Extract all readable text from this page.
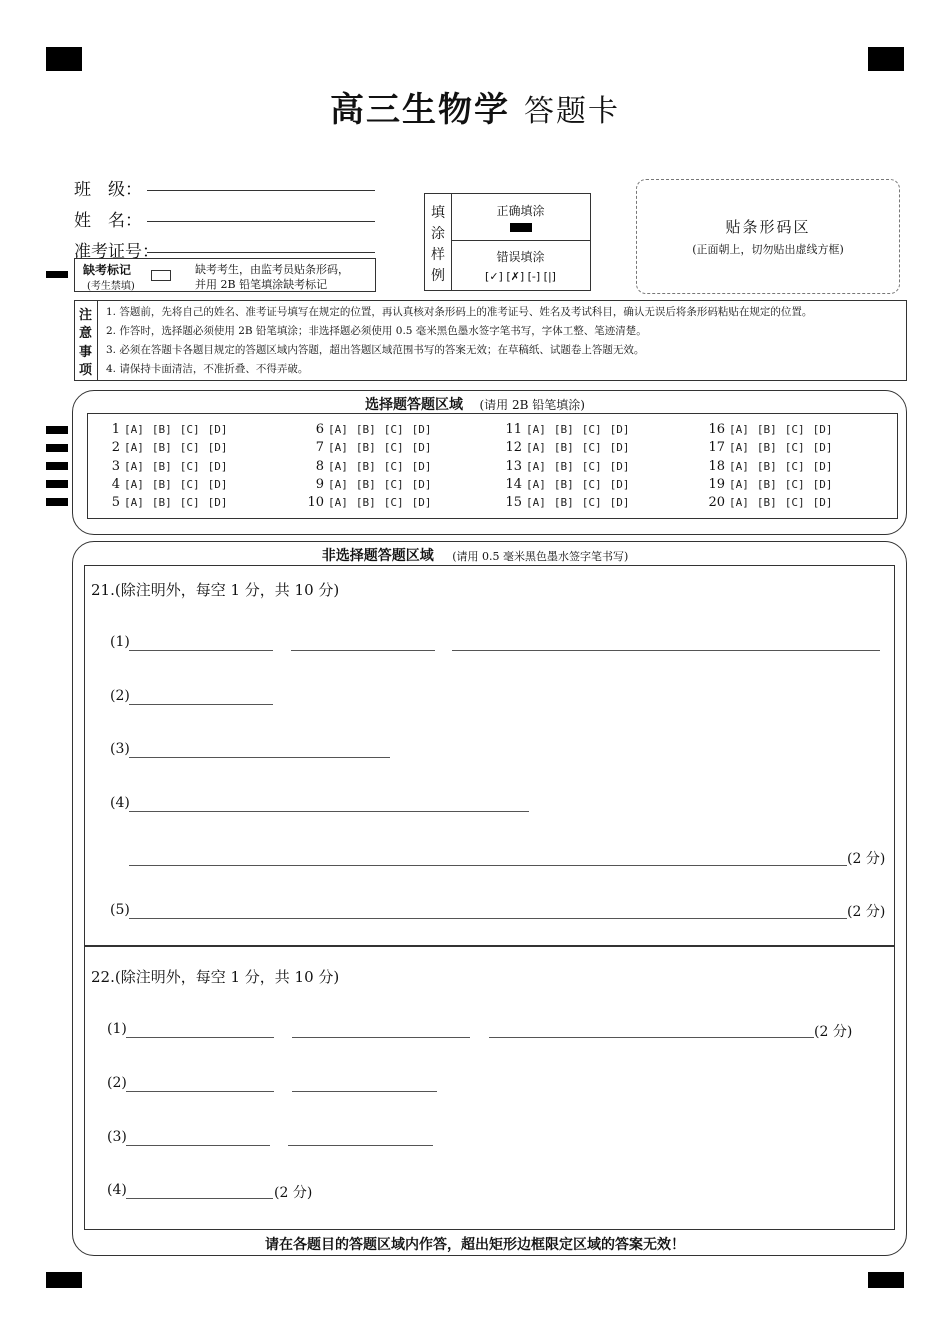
高三生物学 答题卡
班　级：
姓　名：
准考证号：
缺考标记
(考生禁填)
缺考考生，由监考员贴条形码，
并用 2B 铅笔填涂缺考标记
填
涂
样
例
正确填涂
错误填涂
[✓] [✗] [-] [|]
贴条形码区
(正面朝上，切勿贴出虚线方框)
注
意
事
项
1. 答题前，先将自己的姓名、准考证号填写在规定的位置，再认真核对条形码上的准考证号、姓名及考试科目，确认无误后将条形码粘贴在规定的位置。
2. 作答时，选择题必须使用 2B 铅笔填涂；非选择题必须使用 0.5 毫米黑色墨水签字笔书写，字体工整、笔迹清楚。
3. 必须在答题卡各题目规定的答题区域内答题，超出答题区域范围书写的答案无效；在草稿纸、试题卷上答题无效。
4. 请保持卡面清洁，不准折叠、不得弄破。
选择题答题区域 (请用 2B 铅笔填涂)
1 [A] [B] [C] [D]
2 [A] [B] [C] [D]
3 [A] [B] [C] [D]
4 [A] [B] [C] [D]
5 [A] [B] [C] [D]
6 [A] [B] [C] [D]
7 [A] [B] [C] [D]
8 [A] [B] [C] [D]
9 [A] [B] [C] [D]
10 [A] [B] [C] [D]
11 [A] [B] [C] [D]
12 [A] [B] [C] [D]
13 [A] [B] [C] [D]
14 [A] [B] [C] [D]
15 [A] [B] [C] [D]
16 [A] [B] [C] [D]
17 [A] [B] [C] [D]
18 [A] [B] [C] [D]
19 [A] [B] [C] [D]
20 [A] [B] [C] [D]
非选择题答题区域 (请用 0.5 毫米黑色墨水签字笔书写)
21.(除注明外，每空 1 分，共 10 分)
(1)
(2)
(3)
(4)
(2 分)
(5)	(2 分)
22.(除注明外，每空 1 分，共 10 分)
(1)	(2 分)
(2)
(3)
(4)	(2 分)
请在各题目的答题区域内作答，超出矩形边框限定区域的答案无效！
